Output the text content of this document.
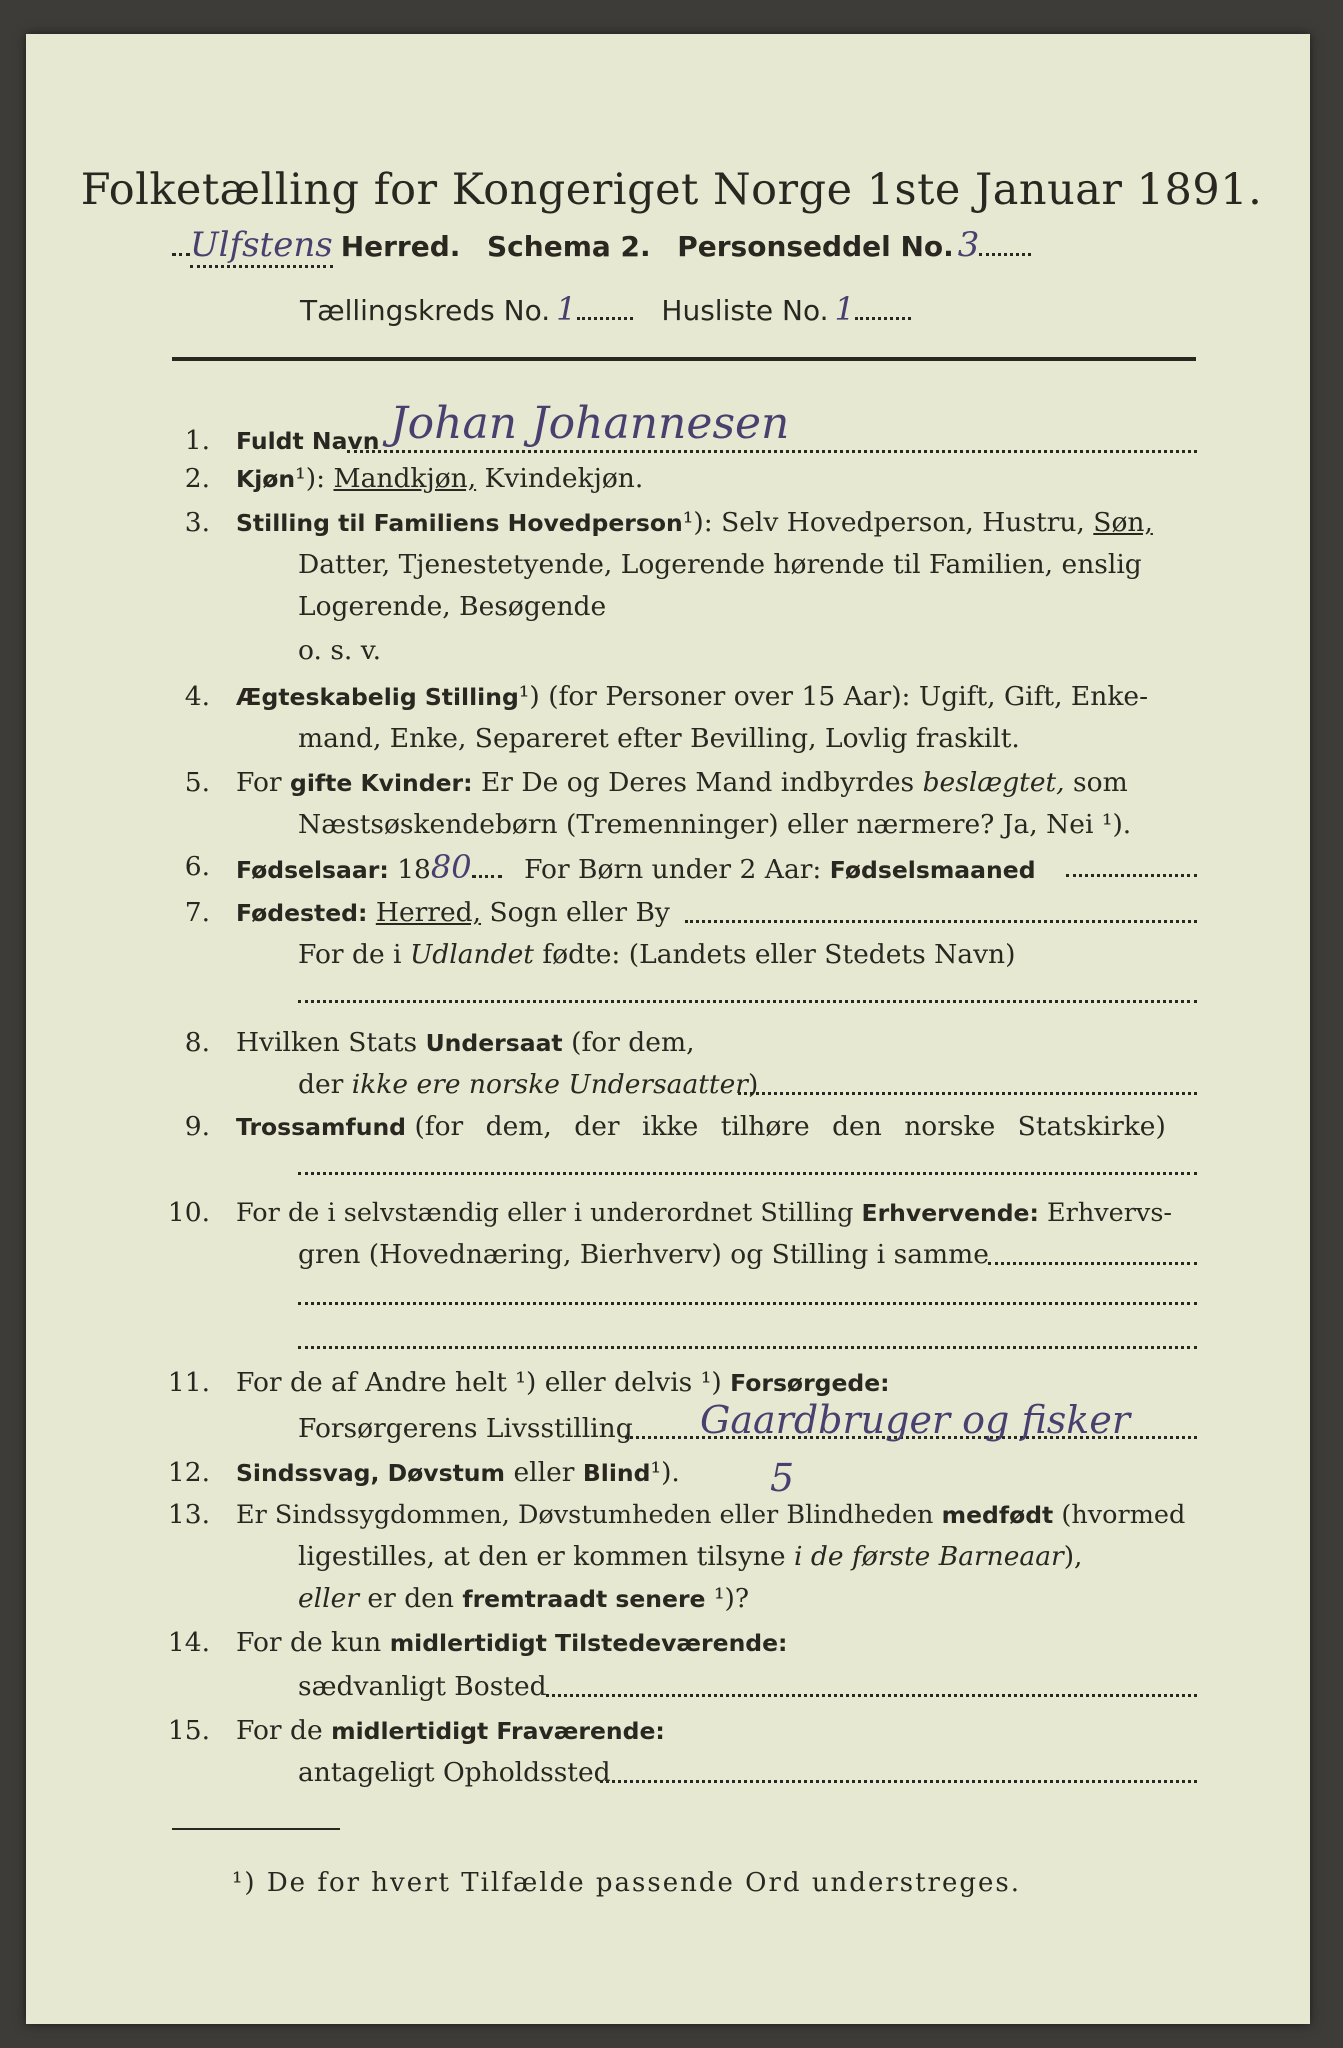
Folketælling for Kongeriget Norge 1ste Januar 1891.
Ulfstens Herred. Schema 2. Personseddel No. 3
Tællingskreds No. 1	Husliste No. 1
1. Fuldt Navn Johan Johannesen
2. Kjøn¹): Mandkjøn, Kvindekjøn.
3. Stilling til Familiens Hovedperson¹): Selv Hovedperson, Hustru, Søn,
Datter, Tjenestetyende, Logerende hørende til Familien, enslig
Logerende, Besøgende
o. s. v.
4. Ægteskabelig Stilling¹) (for Personer over 15 Aar): Ugift, Gift, Enke-
mand, Enke, Separeret efter Bevilling, Lovlig fraskilt.
5. For gifte Kvinder: Er De og Deres Mand indbyrdes beslægtet, som
Næstsøskendebørn (Tremenninger) eller nærmere? Ja, Nei ¹).
6. Fødselsaar: 1880 For Børn under 2 Aar: Fødselsmaaned
7. Fødested: Herred, Sogn eller By
For de i Udlandet fødte: (Landets eller Stedets Navn)
8. Hvilken Stats Undersaat (for dem,
der ikke ere norske Undersaatter)
9. Trossamfund (for dem, der ikke tilhøre den norske Statskirke)
10. For de i selvstændig eller i underordnet Stilling Erhvervende: Erhvervs-
gren (Hovednæring, Bierhverv) og Stilling i samme
11. For de af Andre helt ¹) eller delvis ¹) Forsørgede:
Forsørgerens Livsstilling Gaardbruger og fisker
12. Sindssvag, Døvstum eller Blind¹). 5
13. Er Sindssygdommen, Døvstumheden eller Blindheden medfødt (hvormed
ligestilles, at den er kommen tilsyne i de første Barneaar),
eller er den fremtraadt senere ¹)?
14. For de kun midlertidigt Tilstedeværende:
sædvanligt Bosted
15. For de midlertidigt Fraværende:
antageligt Opholdssted
¹) De for hvert Tilfælde passende Ord understreges.
